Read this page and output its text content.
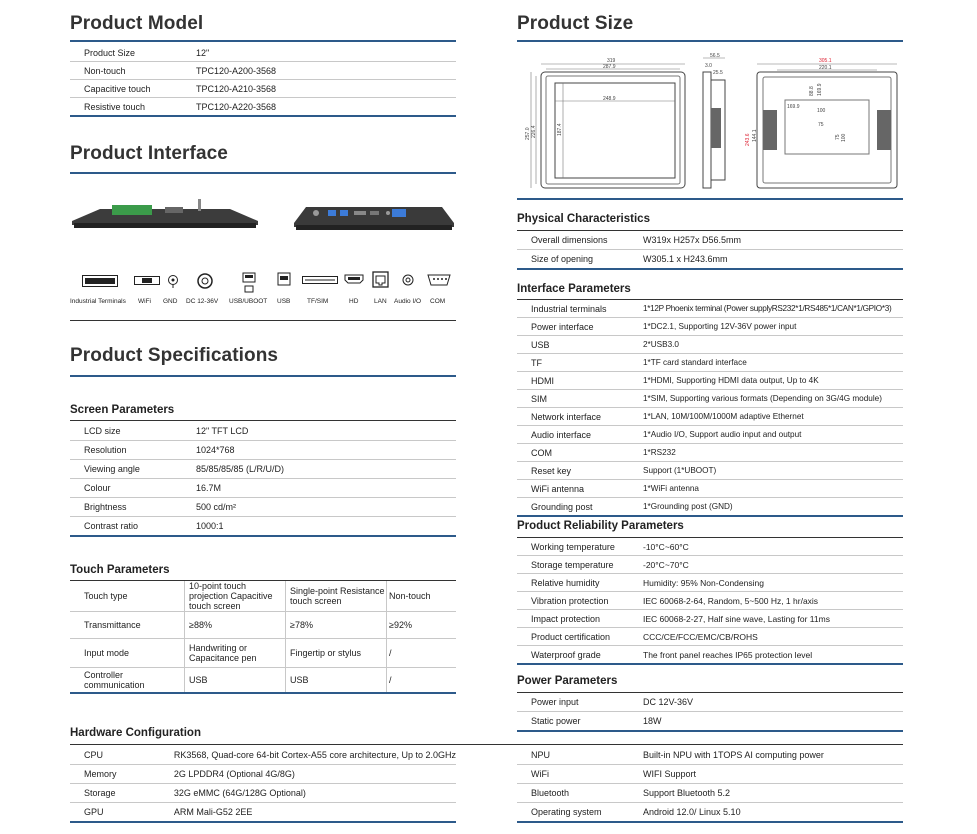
Product Model
Product Size	12"
Non-touch	TPC120-A200-3568
Capacitive touch	TPC120-A210-3568
Resistive touch	TPC120-A220-3568
Product Interface
Industrial Terminals WiFi GND DC 12-36V USB/UBOOT USB	TF/SIM	HD LAN Audio I/O COM
Product Specifications
Screen Parameters
LCD size	12" TFT LCD
Resolution	1024*768
Viewing angle	85/85/85/85 (L/R/U/D)
Colour	16.7M
Brightness	500 cd/m²
Contrast ratio	1000:1
Touch Parameters
Touch type	10-point touch projection Capacitive touch screen	Single-point Resistance touch screen	Non-touch
Transmittance	≥88%	≥78%	≥92%
Input mode	Handwriting or Capacitance pen	Fingertip or stylus	/
Controller communication	USB	USB	/
Hardware Configuration
CPU	RK3568, Quad-core 64-bit Cortex-A55 core architecture, Up to 2.0GHz
Memory	2G LPDDR4 (Optional 4G/8G)
Storage	32G eMMC (64G/128G Optional)
GPU	ARM Mali-G52 2EE
NPU	Built-in NPU with 1TOPS AI computing power
WiFi	WIFI Support
Bluetooth	Support Bluetooth 5.2
Operating system	Android 12.0/ Linux 5.10
Product Size
319
287.9
248.9
257.0 226.4	187.4
56.5
3.0
25.5
305.1
220.1
243.6 144.1
100
75
100
75
169.9
88.8 169.9
Physical Characteristics
Overall dimensions	W319x H257x D56.5mm
Size of opening	W305.1 x H243.6mm
Interface Parameters
Industrial terminals	1*12P Phoenix terminal (Power supplyRS232*1/RS485*1/CAN*1/GPIO*3)
Power interface	1*DC2.1, Supporting 12V-36V power input
USB	2*USB3.0
TF	1*TF card standard interface
HDMI	1*HDMI, Supporting HDMI data output, Up to 4K
SIM	1*SIM, Supporting various formats (Depending on 3G/4G module)
Network interface	1*LAN, 10M/100M/1000M adaptive Ethernet
Audio interface	1*Audio I/O, Support audio input and output
COM	1*RS232
Reset key	Support (1*UBOOT)
WiFi antenna	1*WiFi antenna
Grounding post	1*Grounding post (GND)
Product Reliability Parameters
Working temperature	-10°C~60°C
Storage temperature	-20°C~70°C
Relative humidity	Humidity: 95% Non-Condensing
Vibration protection	IEC 60068-2-64, Random, 5~500 Hz, 1 hr/axis
Impact protection	IEC 60068-2-27, Half sine wave, Lasting for 11ms
Product certification	CCC/CE/FCC/EMC/CB/ROHS
Waterproof grade	The front panel reaches IP65 protection level
Power Parameters
Power input	DC 12V-36V
Static power	18W
